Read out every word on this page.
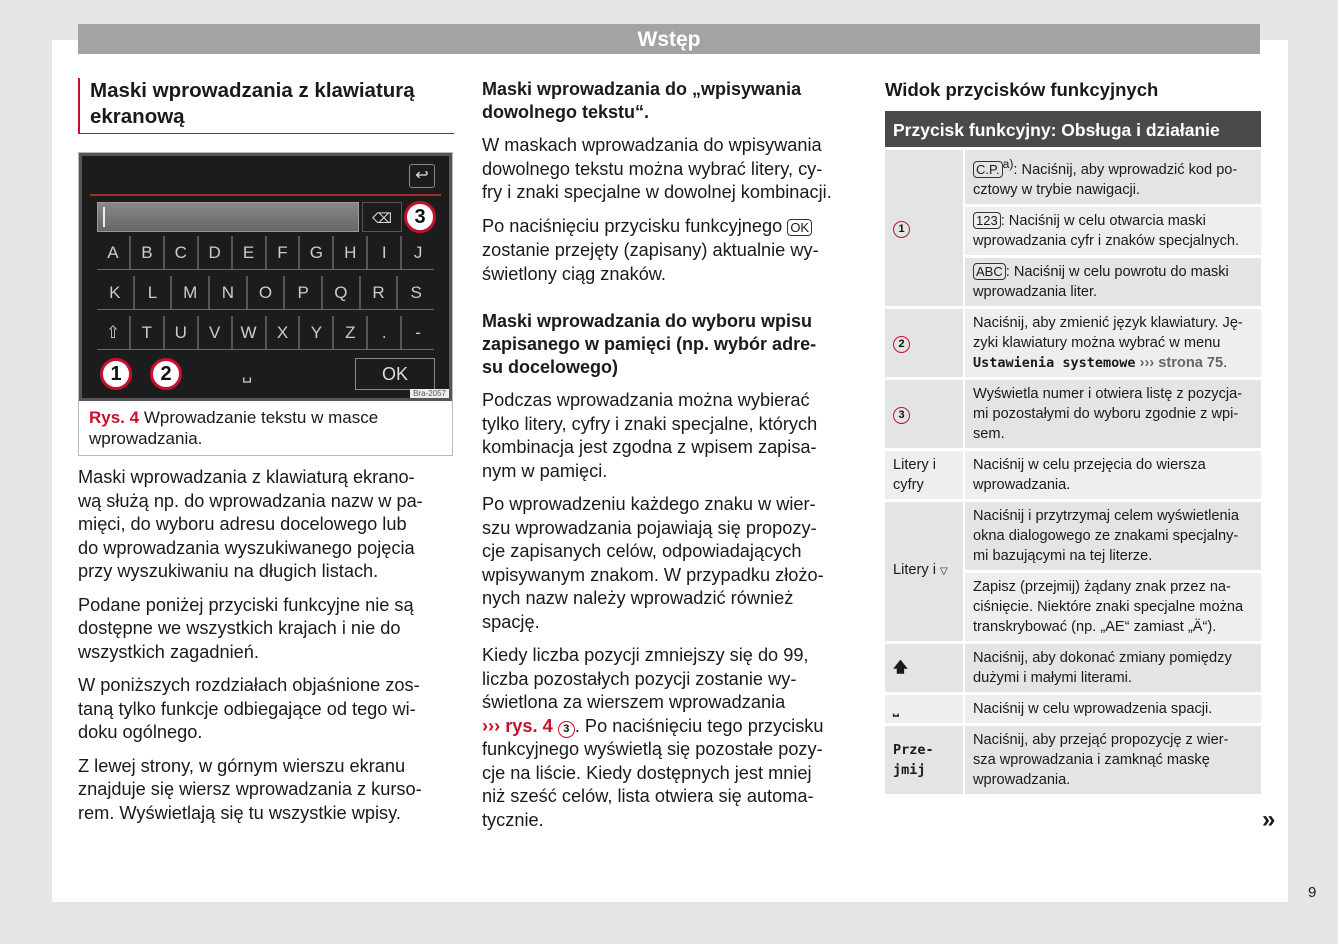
Wstęp
Maski wprowadzania z klawiaturą
ekranową
↩
⌫
A	B	C	D	E	F	G	H	I	J
K	L	M	N	O	P	Q	R	S
⇧	T	U	V	W	X	Y	Z	.	-
␣	OK
1	2
3
Bra-2057
Rys. 4 Wprowadzanie tekstu w masce
wprowadzania.

Maski wprowadzania z klawiaturą ekrano-
wą służą np. do wprowadzania nazw w pa-
mięci, do wyboru adresu docelowego lub
do wprowadzania wyszukiwanego pojęcia
przy wyszukiwaniu na długich listach.

Podane poniżej przyciski funkcyjne nie są
dostępne we wszystkich krajach i nie do
wszystkich zagadnień.

W poniższych rozdziałach objaśnione zos-
taną tylko funkcje odbiegające od tego wi-
doku ogólnego.

Z lewej strony, w górnym wierszu ekranu
znajduje się wiersz wprowadzania z kurso-
rem. Wyświetlają się tu wszystkie wpisy.

Maski wprowadzania do „wpisywania
dowolnego tekstu“.

W maskach wprowadzania do wpisywania
dowolnego tekstu można wybrać litery, cy-
fry i znaki specjalne w dowolnej kombinacji.

Po naciśnięciu przycisku funkcyjnego OK
zostanie przejęty (zapisany) aktualnie wy-
świetlony ciąg znaków.

Maski wprowadzania do wyboru wpisu
zapisanego w pamięci (np. wybór adre-
su docelowego)

Podczas wprowadzania można wybierać
tylko litery, cyfry i znaki specjalne, których
kombinacja jest zgodna z wpisem zapisa-
nym w pamięci.

Po wprowadzeniu każdego znaku w wier-
szu wprowadzania pojawiają się propozy-
cje zapisanych celów, odpowiadających
wpisywanym znakom. W przypadku złożo-
nych nazw należy wprowadzić również
spację.

Kiedy liczba pozycji zmniejszy się do 99,
liczba pozostałych pozycji zostanie wy-
świetlona za wierszem wprowadzania
››› rys. 4 3 . Po naciśnięciu tego przycisku
funkcyjnego wyświetlą się pozostałe pozy-
cje na liście. Kiedy dostępnych jest mniej
niż sześć celów, lista otwiera się automa-
tycznie.

Widok przycisków funkcyjnych
Przycisk funkcyjny: Obsługa i działanie
1	C.P. $^{a)}$: Naciśnij, aby wprowadzić kod po-
cztowy w trybie nawigacji.
	123 : Naciśnij w celu otwarcia maski
wprowadzania cyfr i znaków specjalnych.
	ABC : Naciśnij w celu powrotu do maski
wprowadzania liter.
2	Naciśnij, aby zmienić język klawiatury. Ję-
zyki klawiatury można wybrać w menu
Ustawienia systemowe ››› strona 75.
3	Wyświetla numer i otwiera listę z pozycja-
mi pozostałymi do wyboru zgodnie z wpi-
sem.
Litery i
cyfry	Naciśnij w celu przejęcia do wiersza
wprowadzania.
Litery i ▽	Naciśnij i przytrzymaj celem wyświetlenia
okna dialogowego ze znakami specjalny-
mi bazującymi na tej literze.
	Zapisz (przejmij) żądany znak przez na-
ciśnięcie. Niektóre znaki specjalne można
transkrybować (np. „AE“ zamiast „Ä“).
🡅	Naciśnij, aby dokonać zmiany pomiędzy
dużymi i małymi literami.
⎵	Naciśnij w celu wprowadzenia spacji.
Prze-
jmij	Naciśnij, aby przejąć propozycję z wier-
sza wprowadzania i zamknąć maskę
wprowadzania.
»
9
